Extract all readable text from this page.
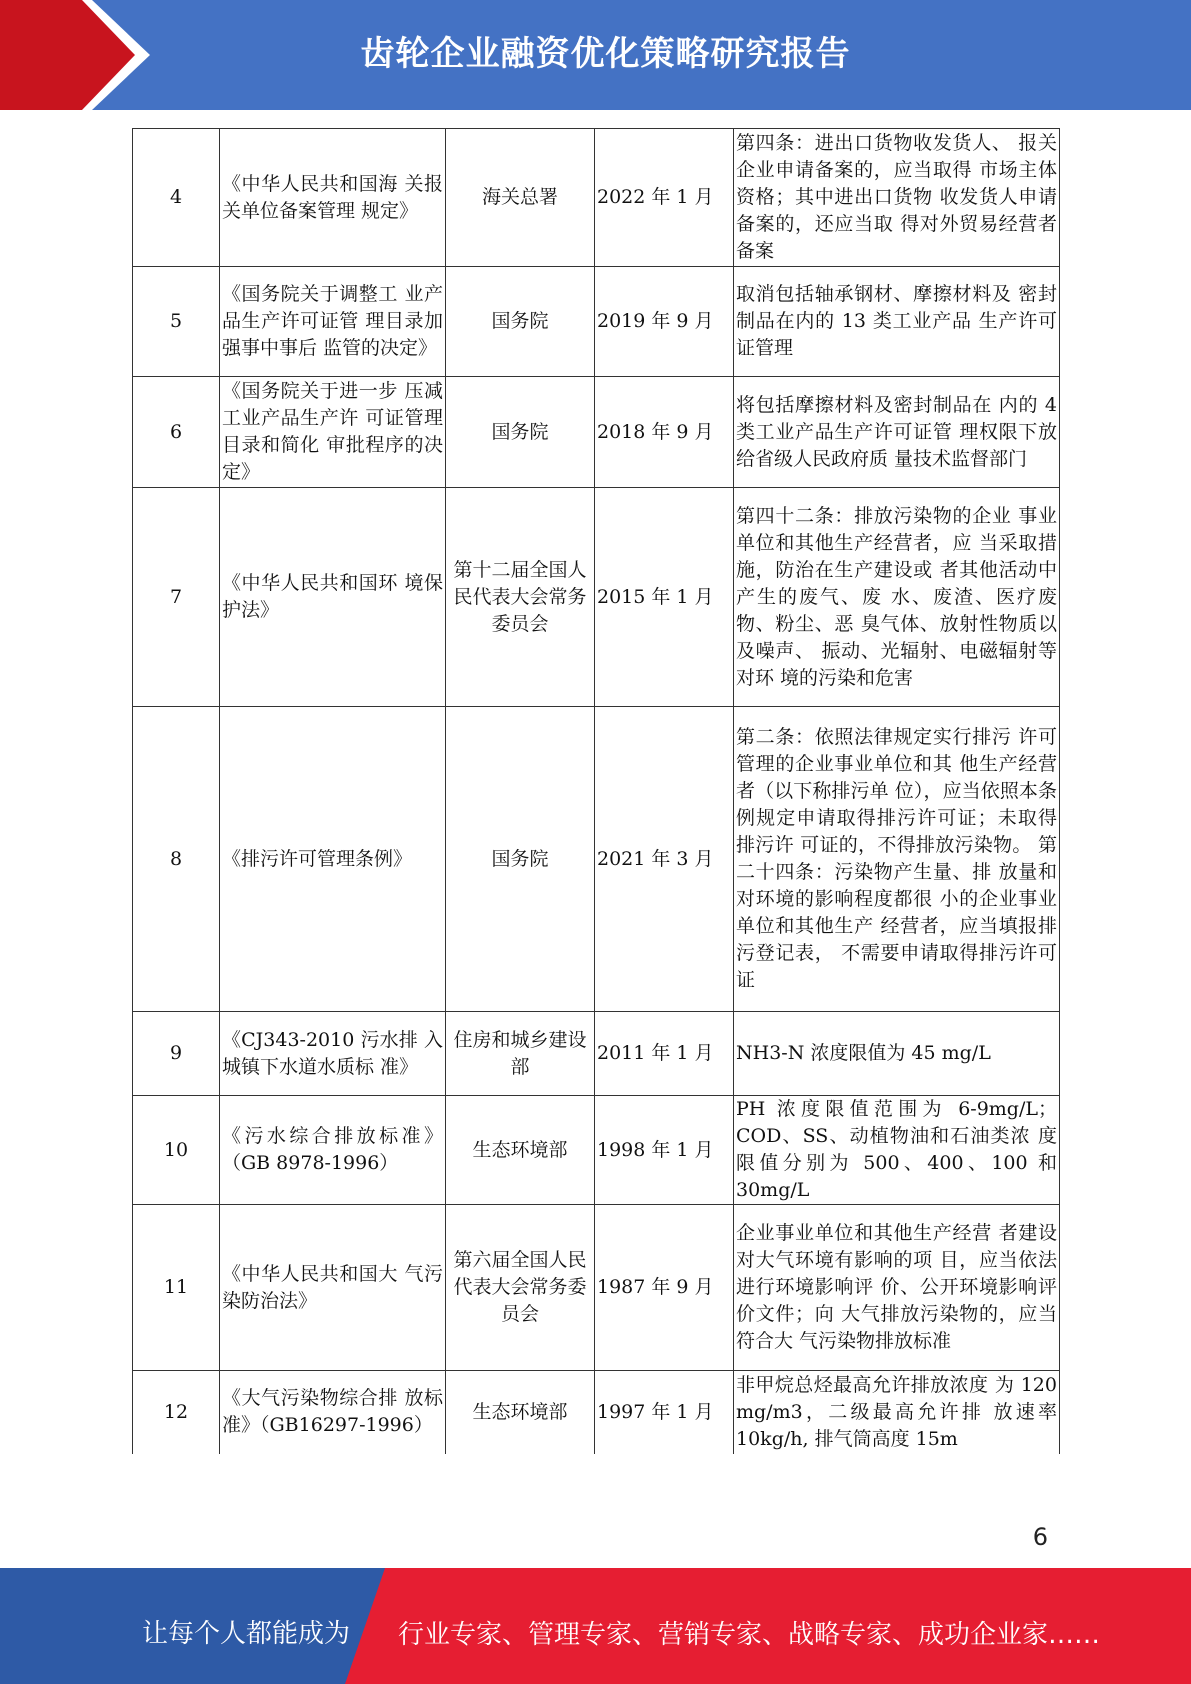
齿轮企业融资优化策略研究报告
4	《中华人民共和国海 关报关单位备案管理 规定》	海关总署	2022 年 1 月	第四条：进出口货物收发货人、 报关企业申请备案的，应当取得 市场主体资格；其中进出口货物 收发货人申请备案的，还应当取 得对外贸易经营者备案
5	《国务院关于调整工 业产品生产许可证管 理目录加强事中事后 监管的决定》	国务院	2019 年 9 月	取消包括轴承钢材、摩擦材料及 密封制品在内的 13 类工业产品 生产许可证管理
6	《国务院关于进一步 压减工业产品生产许 可证管理目录和简化 审批程序的决定》	国务院	2018 年 9 月	将包括摩擦材料及密封制品在 内的 4 类工业产品生产许可证管 理权限下放给省级人民政府质 量技术监督部门
7	《中华人民共和国环 境保护法》	第十二届全国人民代表大会常务委员会	2015 年 1 月	第四十二条：排放污染物的企业 事业单位和其他生产经营者，应 当采取措施，防治在生产建设或 者其他活动中产生的废气、废 水、废渣、医疗废物、粉尘、恶 臭气体、放射性物质以及噪声、 振动、光辐射、电磁辐射等对环 境的污染和危害
8	《排污许可管理条例》	国务院	2021 年 3 月	第二条：依照法律规定实行排污 许可管理的企业事业单位和其 他生产经营者（以下称排污单 位），应当依照本条例规定申请取得排污许可证；未取得排污许 可证的，不得排放污染物。 第二十四条：污染物产生量、排 放量和对环境的影响程度都很 小的企业事业单位和其他生产 经营者，应当填报排污登记表， 不需要申请取得排污许可证
9	《CJ343-2010 污水排 入城镇下水道水质标 准》	住房和城乡建设部	2011 年 1 月	NH3-N 浓度限值为 45 mg/L
10	《污水综合排放标准》（GB 8978-1996）	生态环境部	1998 年 1 月	PH 浓度限值范围为 6-9mg/L； COD、SS、动植物油和石油类浓 度限值分别为 500、400、100 和 30mg/L
11	《中华人民共和国大 气污染防治法》	第六届全国人民代表大会常务委员会	1987 年 9 月	企业事业单位和其他生产经营 者建设对大气环境有影响的项 目，应当依法进行环境影响评 价、公开环境影响评价文件；向 大气排放污染物的，应当符合大 气污染物排放标准
12	《大气污染物综合排 放标准》（GB16297-1996）	生态环境部	1997 年 1 月	非甲烷总烃最高允许排放浓度 为 120 mg/m3，二级最高允许排 放速率 10kg/h, 排气筒高度 15m
6
让每个人都能成为 行业专家、管理专家、营销专家、战略专家、成功企业家……
